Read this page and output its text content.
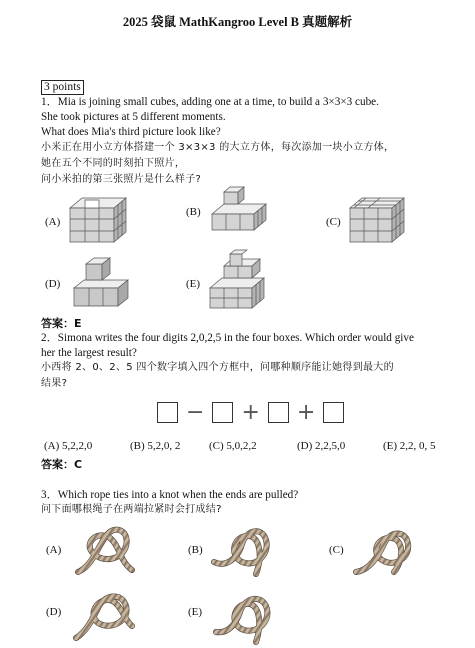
2025 袋鼠 MathKangroo Level B 真题解析
3 points
1．Mia is joining small cubes, adding one at a time, to build a 3×3×3 cube.
She took pictures at 5 different moments.
What does Mia's third picture look like?
小米正在用小立方体搭建一个 3×3×3 的大立方体，每次添加一块小立方体，
她在五个不同的时刻拍下照片，
问小米拍的第三张照片是什么样子?
(A)
(B)
(C)
(D)	(E)
答案：E
2．Simona writes the four digits 2,0,2,5 in the four boxes. Which order would give
her the largest result?
小西将 2、0、2、5 四个数字填入四个方框中，问哪种顺序能让她得到最大的
结果?
− + +
(A) 5,2,2,0	(B) 5,2,0, 2	(C) 5,0,2,2	(D) 2,2,5,0	(E) 2,2, 0, 5
答案：C
3．Which rope ties into a knot when the ends are pulled?
问下面哪根绳子在两端拉紧时会打成结?
(A)	(B)	(C)
(D)	(E)
